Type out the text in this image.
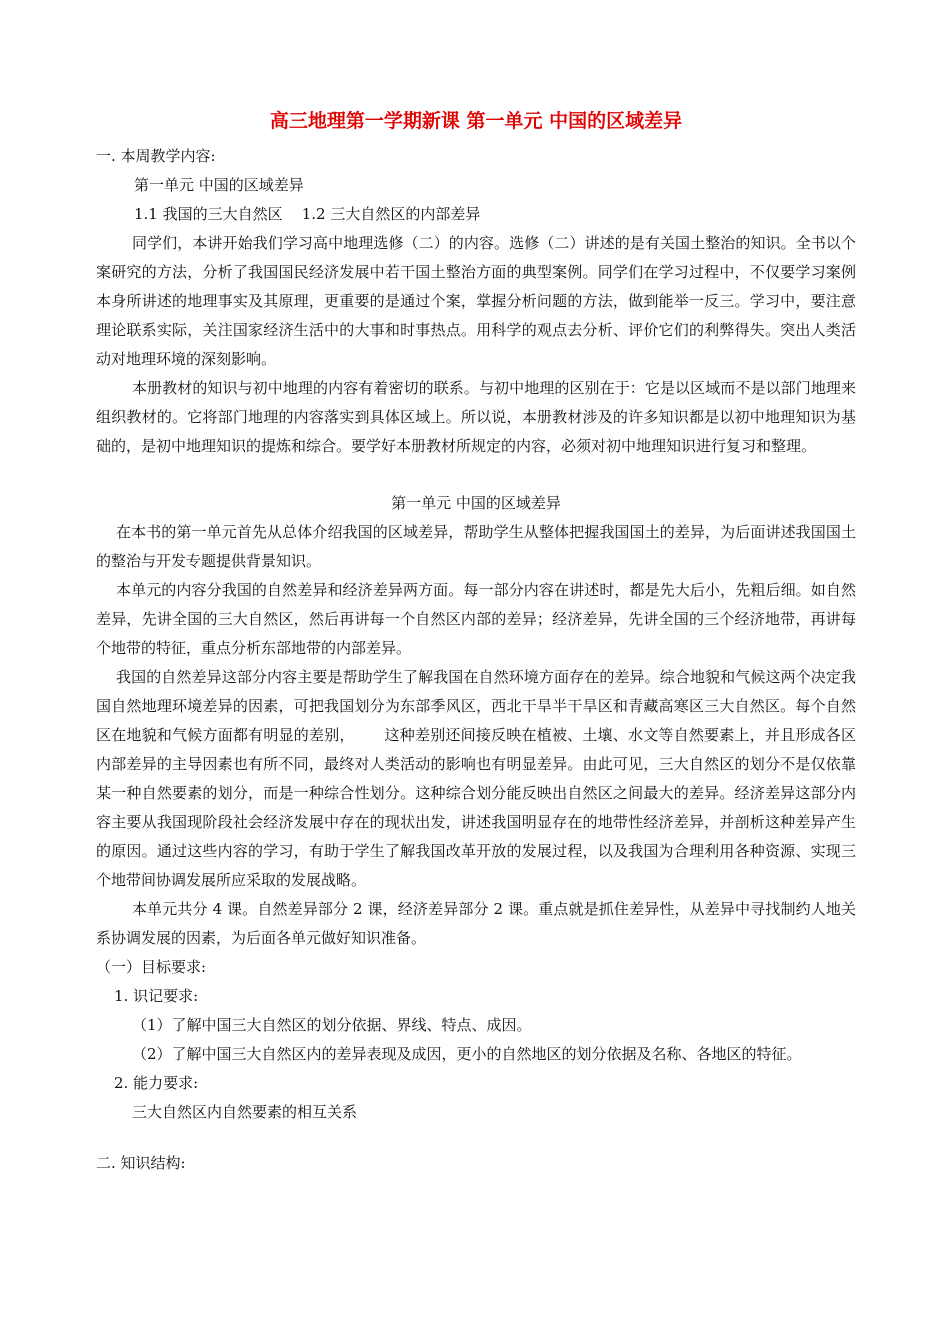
高三地理第一学期新课 第一单元 中国的区域差异

一. 本周教学内容:

第一单元 中国的区域差异

1.1 我国的三大自然区    1.2 三大自然区的内部差异

同学们，本讲开始我们学习高中地理选修（二）的内容。选修（二）讲述的是有关国土整治的知识。全书以个案研究的方法，分析了我国国民经济发展中若干国土整治方面的典型案例。同学们在学习过程中，不仅要学习案例本身所讲述的地理事实及其原理，更重要的是通过个案，掌握分析问题的方法，做到能举一反三。学习中，要注意理论联系实际，关注国家经济生活中的大事和时事热点。用科学的观点去分析、评价它们的利弊得失。突出人类活动对地理环境的深刻影响。

本册教材的知识与初中地理的内容有着密切的联系。与初中地理的区别在于：它是以区域而不是以部门地理来组织教材的。它将部门地理的内容落实到具体区域上。所以说，本册教材涉及的许多知识都是以初中地理知识为基础的，是初中地理知识的提炼和综合。要学好本册教材所规定的内容，必须对初中地理知识进行复习和整理。

第一单元 中国的区域差异

在本书的第一单元首先从总体介绍我国的区域差异，帮助学生从整体把握我国国土的差异，为后面讲述我国国土的整治与开发专题提供背景知识。

本单元的内容分我国的自然差异和经济差异两方面。每一部分内容在讲述时，都是先大后小，先粗后细。如自然差异，先讲全国的三大自然区，然后再讲每一个自然区内部的差异；经济差异，先讲全国的三个经济地带，再讲每个地带的特征，重点分析东部地带的内部差异。

我国的自然差异这部分内容主要是帮助学生了解我国在自然环境方面存在的差异。综合地貌和气候这两个决定我国自然地理环境差异的因素，可把我国划分为东部季风区，西北干旱半干旱区和青藏高寒区三大自然区。每个自然区在地貌和气候方面都有明显的差别，      这种差别还间接反映在植被、土壤、水文等自然要素上，并且形成各区内部差异的主导因素也有所不同，最终对人类活动的影响也有明显差异。由此可见，三大自然区的划分不是仅依靠某一种自然要素的划分，而是一种综合性划分。这种综合划分能反映出自然区之间最大的差异。经济差异这部分内容主要从我国现阶段社会经济发展中存在的现状出发，讲述我国明显存在的地带性经济差异，并剖析这种差异产生的原因。通过这些内容的学习，有助于学生了解我国改革开放的发展过程，以及我国为合理利用各种资源、实现三个地带间协调发展所应采取的发展战略。

本单元共分 4 课。自然差异部分 2 课，经济差异部分 2 课。重点就是抓住差异性，从差异中寻找制约人地关系协调发展的因素，为后面各单元做好知识准备。

（一）目标要求:

1. 识记要求:

（1）了解中国三大自然区的划分依据、界线、特点、成因。

（2）了解中国三大自然区内的差异表现及成因，更小的自然地区的划分依据及名称、各地区的特征。

2. 能力要求:

三大自然区内自然要素的相互关系

二. 知识结构:
